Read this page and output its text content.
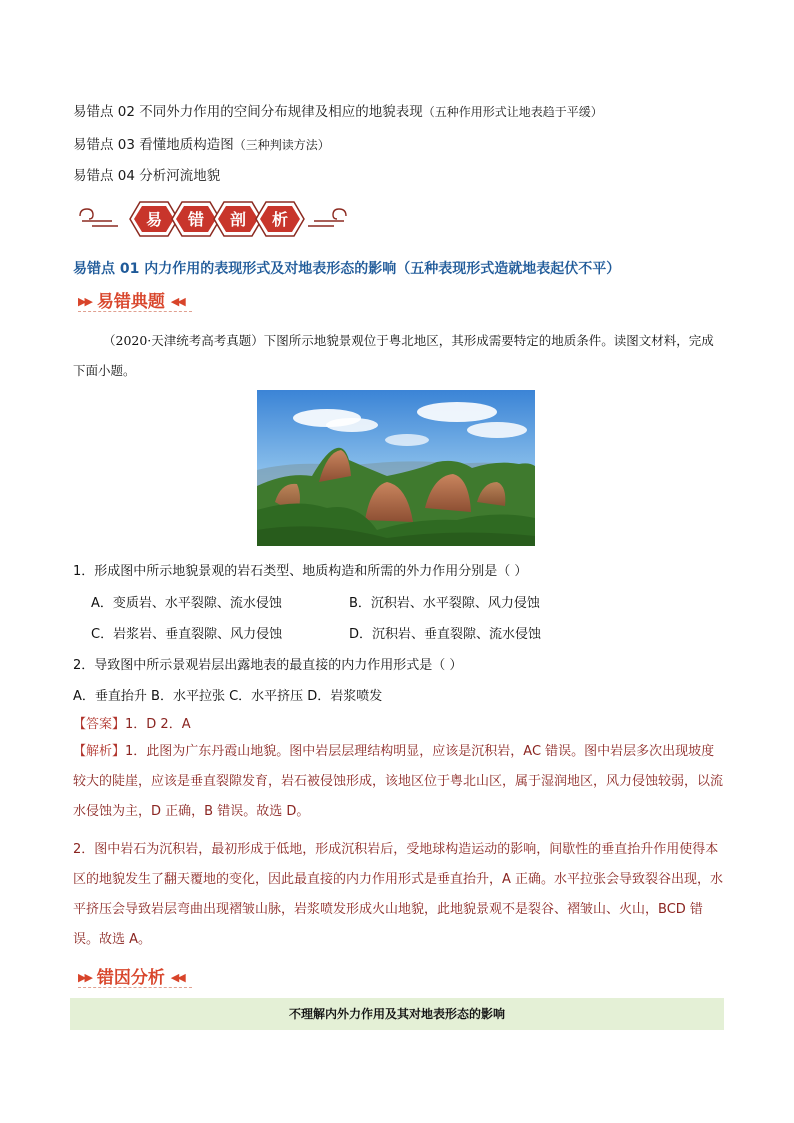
易错点 02 不同外力作用的空间分布规律及相应的地貌表现（五种作用形式让地表趋于平缓）
易错点 03 看懂地质构造图（三种判读方法）
易错点 04 分析河流地貌
易 错 剖 析
易错点 01 内力作用的表现形式及对地表形态的影响（五种表现形式造就地表起伏不平）
▶▶ 易错典题 ◀◀
（2020·天津统考高考真题）下图所示地貌景观位于粤北地区，其形成需要特定的地质条件。读图文材料，完成下面小题。
1．形成图中所示地貌景观的岩石类型、地质构造和所需的外力作用分别是（ ）
A．变质岩、水平裂隙、流水侵蚀	B．沉积岩、水平裂隙、风力侵蚀
C．岩浆岩、垂直裂隙、风力侵蚀	D．沉积岩、垂直裂隙、流水侵蚀
2．导致图中所示景观岩层出露地表的最直接的内力作用形式是（ ）
A．垂直抬升 B．水平拉张 C．水平挤压 D．岩浆喷发
【答案】1．D 2．A
【解析】1．此图为广东丹霞山地貌。图中岩层层理结构明显，应该是沉积岩，AC 错误。图中岩层多次出现坡度较大的陡崖，应该是垂直裂隙发育，岩石被侵蚀形成，该地区位于粤北山区，属于湿润地区，风力侵蚀较弱，以流水侵蚀为主，D 正确，B 错误。故选 D。
2．图中岩石为沉积岩，最初形成于低地，形成沉积岩后，受地球构造运动的影响，间歇性的垂直抬升作用使得本区的地貌发生了翻天覆地的变化，因此最直接的内力作用形式是垂直抬升，A 正确。水平拉张会导致裂谷出现，水平挤压会导致岩层弯曲出现褶皱山脉，岩浆喷发形成火山地貌，此地貌景观不是裂谷、褶皱山、火山，BCD 错误。故选 A。
▶▶ 错因分析 ◀◀
不理解内外力作用及其对地表形态的影响
